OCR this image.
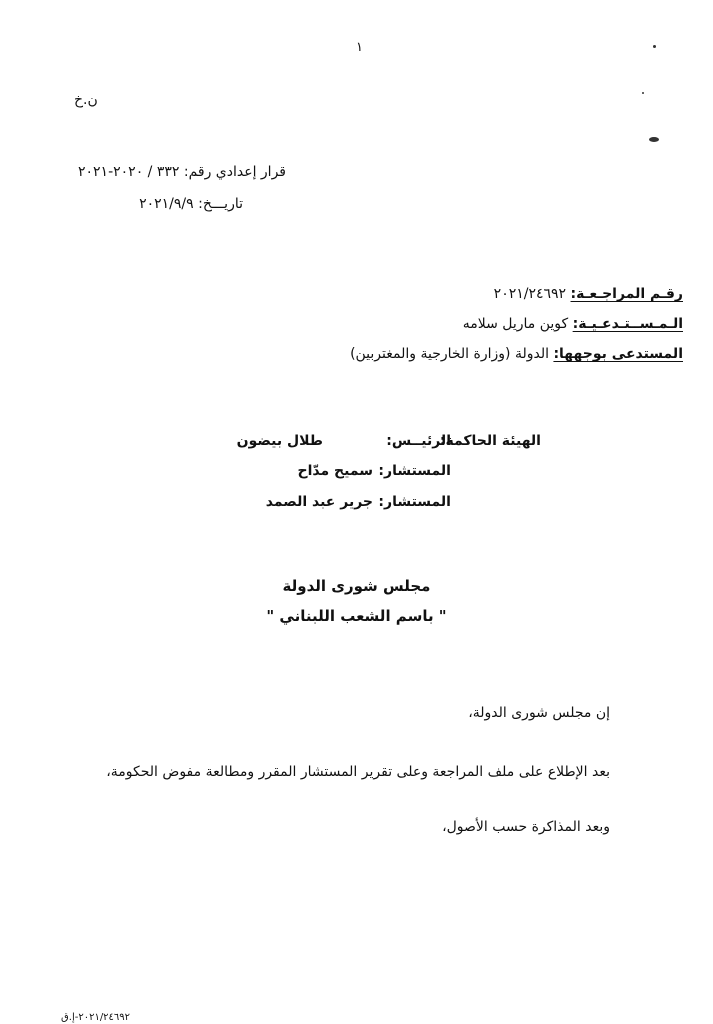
١
ن.خ
قرار إعدادي رقم: ٣٣٢ / ٢٠٢٠-٢٠٢١
تاريـــخ: ٢٠٢١/٩/٩
رقـم المراجـعـة: ٢٠٢١/٢٤٦٩٢
الـمـســتـدعـيـة: كوين ماريل سلامه
المستدعى بوجهها: الدولة (وزارة الخارجية والمغتربين)
الهيئة الحاكمة:
الرئيــس:
طلال بيضون
المستشار:
سميح مدّاح
المستشار:
جرير عبد الصمد
مجلس شورى الدولة
" باسم الشعب اللبناني "
إن مجلس شورى الدولة،
بعد الإطلاع على ملف المراجعة وعلى تقرير المستشار المقرر ومطالعة مفوض الحكومة،
وبعد المذاكرة حسب الأصول،
٢٠٢١/٢٤٦٩٢-إ.ق
